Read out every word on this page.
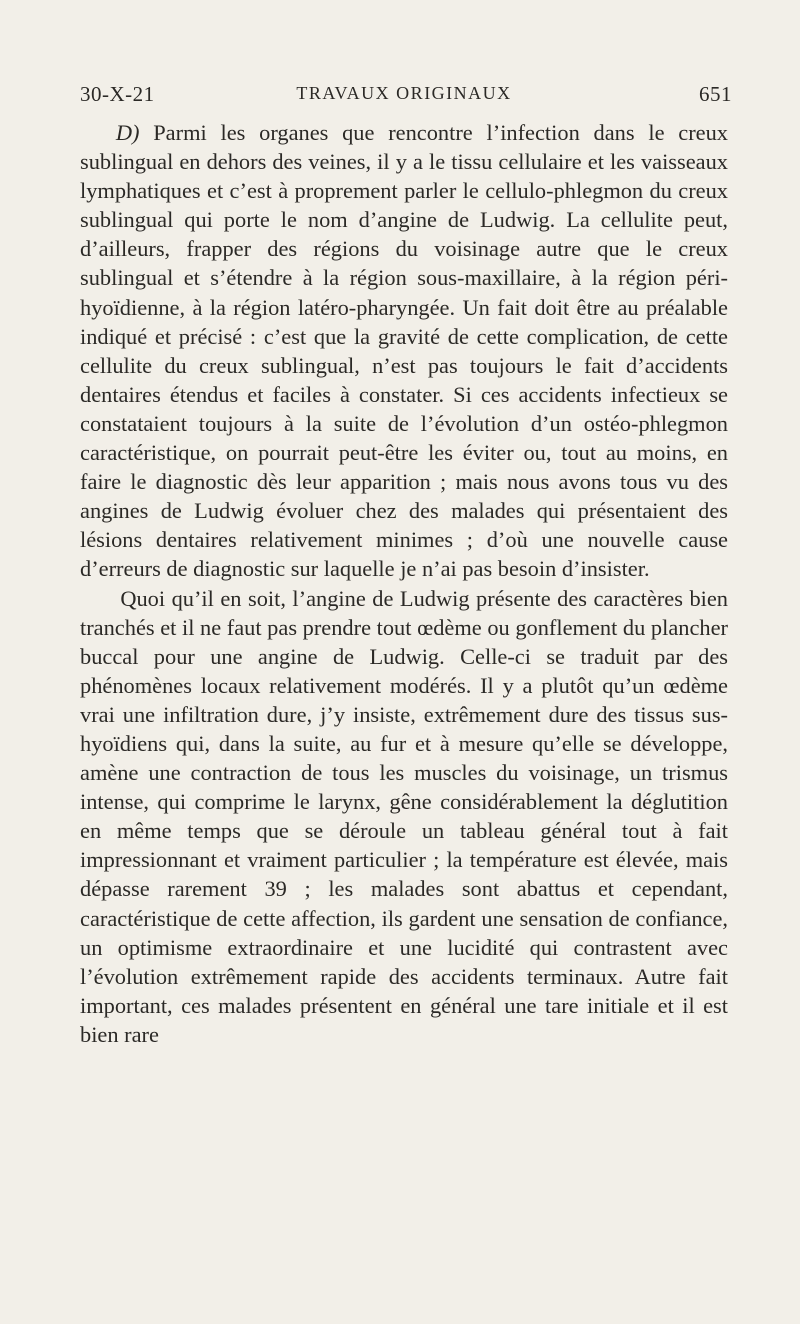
30-X-21	TRAVAUX ORIGINAUX	651

D) Parmi les organes que rencontre l’infection dans le creux sublingual en dehors des veines, il y a le tissu cellulaire et les vaisseaux lymphatiques et c’est à proprement parler le cellulo-phlegmon du creux sublingual qui porte le nom d’angine de Ludwig. La cellulite peut, d’ailleurs, frapper des régions du voisinage autre que le creux sublingual et s’étendre à la région sous-maxillaire, à la région péri-hyoïdienne, à la région latéro-pharyngée. Un fait doit être au préalable indiqué et précisé : c’est que la gravité de cette complication, de cette cellulite du creux sublingual, n’est pas toujours le fait d’accidents dentaires étendus et faciles à constater. Si ces accidents infectieux se constataient toujours à la suite de l’évolution d’un ostéo-phlegmon caractéristique, on pourrait peut-être les éviter ou, tout au moins, en faire le diagnostic dès leur apparition ; mais nous avons tous vu des angines de Ludwig évoluer chez des malades qui présentaient des lésions dentaires relativement minimes ; d’où une nouvelle cause d’erreurs de diagnostic sur laquelle je n’ai pas besoin d’insister.

Quoi qu’il en soit, l’angine de Ludwig présente des caractères bien tranchés et il ne faut pas prendre tout œdème ou gonflement du plancher buccal pour une angine de Ludwig. Celle-ci se traduit par des phénomènes locaux relativement modérés. Il y a plutôt qu’un œdème vrai une infiltration dure, j’y insiste, extrêmement dure des tissus sus-hyoïdiens qui, dans la suite, au fur et à mesure qu’elle se développe, amène une contraction de tous les muscles du voisinage, un trismus intense, qui comprime le larynx, gêne considérablement la déglutition en même temps que se déroule un tableau général tout à fait impressionnant et vraiment particulier ; la température est élevée, mais dépasse rarement 39 ; les malades sont abattus et cependant, caractéristique de cette affection, ils gardent une sensation de confiance, un optimisme extraordinaire et une lucidité qui contrastent avec l’évolution extrêmement rapide des accidents terminaux. Autre fait important, ces malades présentent en général une tare initiale et il est bien rare
